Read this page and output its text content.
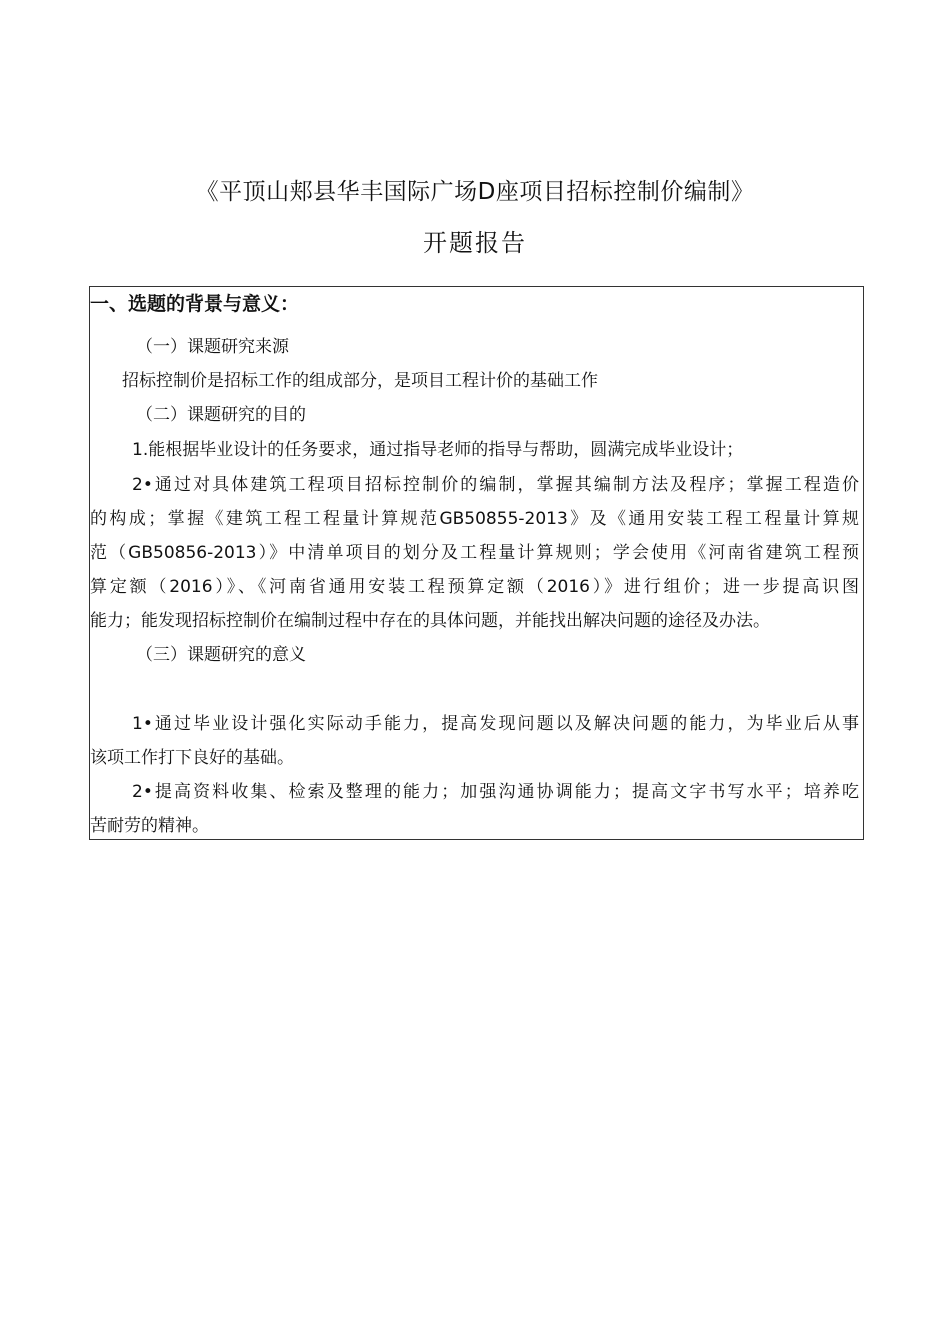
《平顶山郏县华丰国际广场D座项目招标控制价编制》
开题报告
一、选题的背景与意义：
（一）课题研究来源
招标控制价是招标工作的组成部分，是项目工程计价的基础工作
（二）课题研究的目的
1.能根据毕业设计的任务要求，通过指导老师的指导与帮助，圆满完成毕业设计；
2•通过对具体建筑工程项目招标控制价的编制，掌握其编制方法及程序；掌握工程造价
的构成；掌握《建筑工程工程量计算规范GB50855-2013》及《通用安装工程工程量计算规
范（GB50856-2013）》中清单项目的划分及工程量计算规则；学会使用《河南省建筑工程预
算定额（2016）》、《河南省通用安装工程预算定额（2016）》进行组价；进一步提高识图
能力；能发现招标控制价在编制过程中存在的具体问题，并能找出解决问题的途径及办法。
（三）课题研究的意义
1•通过毕业设计强化实际动手能力，提高发现问题以及解决问题的能力，为毕业后从事
该项工作打下良好的基础。
2•提高资料收集、检索及整理的能力；加强沟通协调能力；提高文字书写水平；培养吃
苦耐劳的精神。
